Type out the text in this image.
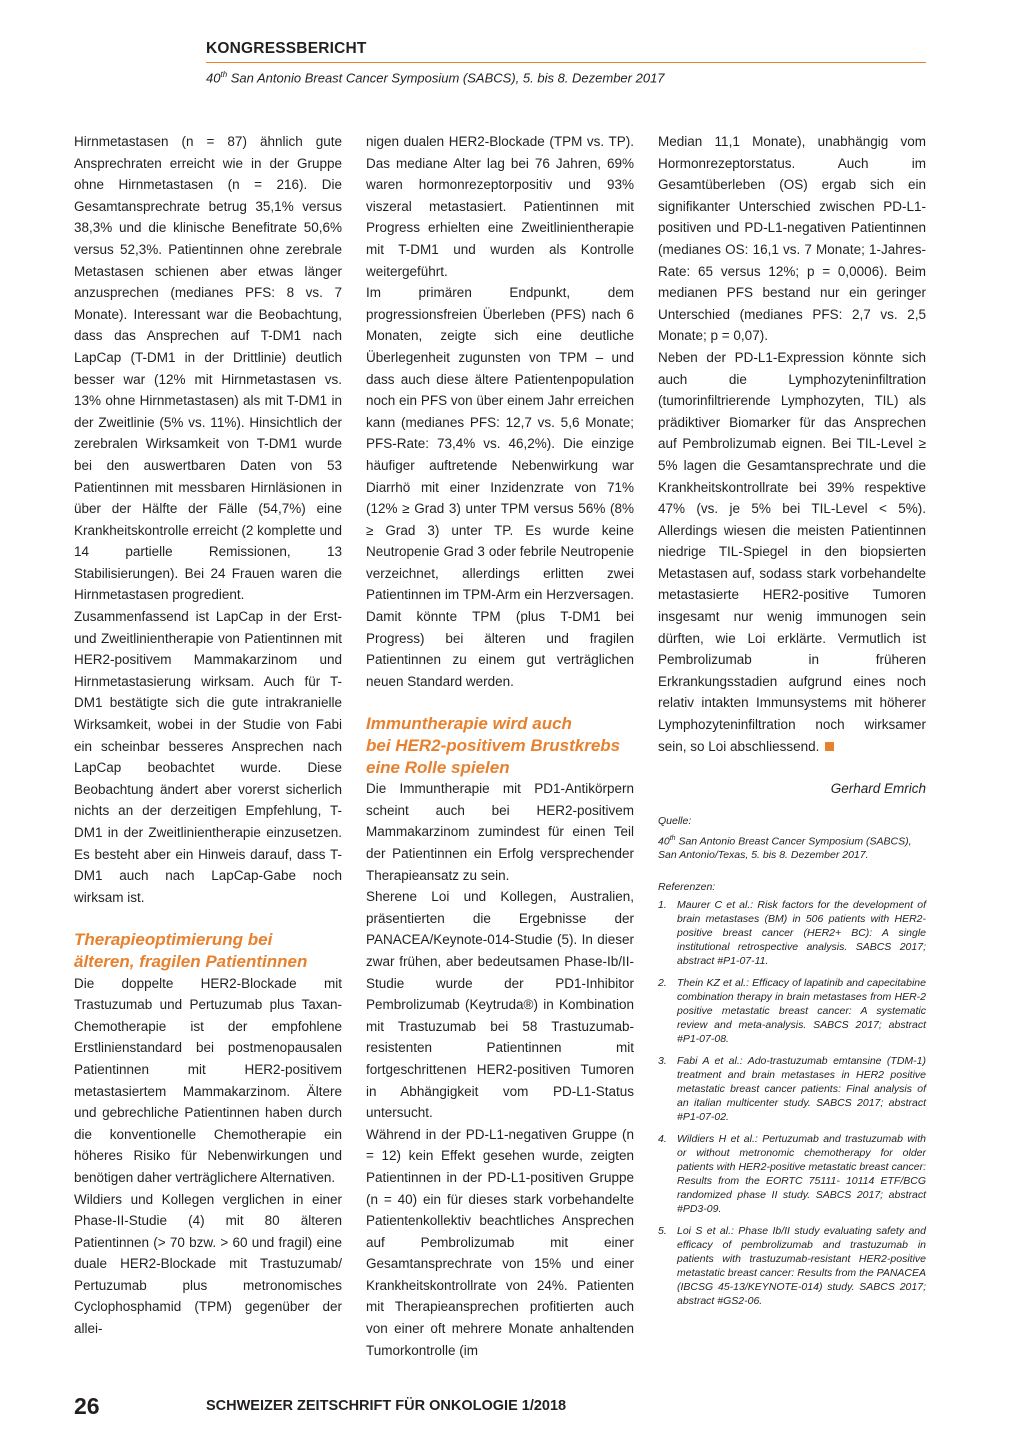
KONGRESSBERICHT
40th San Antonio Breast Cancer Symposium (SABCS), 5. bis 8. Dezember 2017

Hirnmetastasen (n = 87) ähnlich gute Ansprechraten erreicht wie in der Gruppe ohne Hirnmetastasen (n = 216). Die Gesamtansprechrate betrug 35,1% versus 38,3% und die klinische Benefitrate 50,6% versus 52,3%. Patientinnen ohne zerebrale Metastasen schienen aber etwas länger anzusprechen (medianes PFS: 8 vs. 7 Monate). Interessant war die Beobachtung, dass das Ansprechen auf T-DM1 nach LapCap (T-DM1 in der Drittlinie) deutlich besser war (12% mit Hirnmetastasen vs. 13% ohne Hirnmetastasen) als mit T-DM1 in der Zweitlinie (5% vs. 11%). Hinsichtlich der zerebralen Wirksamkeit von T-DM1 wurde bei den auswertbaren Daten von 53 Patientinnen mit messbaren Hirnläsionen in über der Hälfte der Fälle (54,7%) eine Krankheitskontrolle erreicht (2 komplette und 14 partielle Remissionen, 13 Stabilisierungen). Bei 24 Frauen waren die Hirnmetastasen progredient.

Zusammenfassend ist LapCap in der Erst- und Zweitlinientherapie von Patientinnen mit HER2-positivem Mammakarzinom und Hirnmetastasierung wirksam. Auch für T-DM1 bestätigte sich die gute intrakranielle Wirksamkeit, wobei in der Studie von Fabi ein scheinbar besseres Ansprechen nach LapCap beobachtet wurde. Diese Beobachtung ändert aber vorerst sicherlich nichts an der derzeitigen Empfehlung, T-DM1 in der Zweitlinientherapie einzusetzen. Es besteht aber ein Hinweis darauf, dass T-DM1 auch nach LapCap-Gabe noch wirksam ist.

Therapieoptimierung bei
älteren, fragilen Patientinnen

Die doppelte HER2-Blockade mit Trastuzumab und Pertuzumab plus Taxan-Chemotherapie ist der empfohlene Erstlinienstandard bei postmenopausalen Patientinnen mit HER2-positivem metastasiertem Mammakarzinom. Ältere und gebrechliche Patientinnen haben durch die konventionelle Chemotherapie ein höheres Risiko für Nebenwirkungen und benötigen daher verträglichere Alternativen.

Wildiers und Kollegen verglichen in einer Phase-II-Studie (4) mit 80 älteren Patientinnen (> 70 bzw. > 60 und fragil) eine duale HER2-Blockade mit Trastuzumab/ Pertuzumab plus metronomisches Cyclophosphamid (TPM) gegenüber der allei-

nigen dualen HER2-Blockade (TPM vs. TP). Das mediane Alter lag bei 76 Jahren, 69% waren hormonrezeptorpositiv und 93% viszeral metastasiert. Patientinnen mit Progress erhielten eine Zweitlinientherapie mit T-DM1 und wurden als Kontrolle weitergeführt.

Im primären Endpunkt, dem progressionsfreien Überleben (PFS) nach 6 Monaten, zeigte sich eine deutliche Überlegenheit zugunsten von TPM – und dass auch diese ältere Patientenpopulation noch ein PFS von über einem Jahr erreichen kann (medianes PFS: 12,7 vs. 5,6 Monate; PFS-Rate: 73,4% vs. 46,2%). Die einzige häufiger auftretende Nebenwirkung war Diarrhö mit einer Inzidenzrate von 71% (12% ≥ Grad 3) unter TPM versus 56% (8% ≥ Grad 3) unter TP. Es wurde keine Neutropenie Grad 3 oder febrile Neutropenie verzeichnet, allerdings erlitten zwei Patientinnen im TPM-Arm ein Herzversagen. Damit könnte TPM (plus T-DM1 bei Progress) bei älteren und fragilen Patientinnen zu einem gut verträglichen neuen Standard werden.

Immuntherapie wird auch
bei HER2-positivem Brustkrebs
eine Rolle spielen

Die Immuntherapie mit PD1-Antikörpern scheint auch bei HER2-positivem Mammakarzinom zumindest für einen Teil der Patientinnen ein Erfolg versprechender Therapieansatz zu sein.

Sherene Loi und Kollegen, Australien, präsentierten die Ergebnisse der PANACEA/Keynote-014-Studie (5). In dieser zwar frühen, aber bedeutsamen Phase-Ib/II-Studie wurde der PD1-Inhibitor Pembrolizumab (Keytruda®) in Kombination mit Trastuzumab bei 58 Trastuzumab-resistenten Patientinnen mit fortgeschrittenen HER2-positiven Tumoren in Abhängigkeit vom PD-L1-Status untersucht.

Während in der PD-L1-negativen Gruppe (n = 12) kein Effekt gesehen wurde, zeigten Patientinnen in der PD-L1-positiven Gruppe (n = 40) ein für dieses stark vorbehandelte Patientenkollektiv beachtliches Ansprechen auf Pembrolizumab mit einer Gesamtansprechrate von 15% und einer Krankheitskontrollrate von 24%. Patienten mit Therapieansprechen profitierten auch von einer oft mehrere Monate anhaltenden Tumorkontrolle (im

Median 11,1 Monate), unabhängig vom Hormonrezeptorstatus. Auch im Gesamtüberleben (OS) ergab sich ein signifikanter Unterschied zwischen PD-L1-positiven und PD-L1-negativen Patientinnen (medianes OS: 16,1 vs. 7 Monate; 1-Jahres-Rate: 65 versus 12%; p = 0,0006). Beim medianen PFS bestand nur ein geringer Unterschied (medianes PFS: 2,7 vs. 2,5 Monate; p = 0,07).

Neben der PD-L1-Expression könnte sich auch die Lymphozyteninfiltration (tumorinfiltrierende Lymphozyten, TIL) als prädiktiver Biomarker für das Ansprechen auf Pembrolizumab eignen. Bei TIL-Level ≥ 5% lagen die Gesamtansprechrate und die Krankheitskontrollrate bei 39% respektive 47% (vs. je 5% bei TIL-Level < 5%). Allerdings wiesen die meisten Patientinnen niedrige TIL-Spiegel in den biopsierten Metastasen auf, sodass stark vorbehandelte metastasierte HER2-positive Tumoren insgesamt nur wenig immunogen sein dürften, wie Loi erklärte. Vermutlich ist Pembrolizumab in früheren Erkrankungsstadien aufgrund eines noch relativ intakten Immunsystems mit höherer Lymphozyteninfiltration noch wirksamer sein, so Loi abschliessend.

Gerhard Emrich

Quelle:
40th San Antonio Breast Cancer Symposium (SABCS), San Antonio/Texas, 5. bis 8. Dezember 2017.
Referenzen:
1. Maurer C et al.: Risk factors for the development of brain metastases (BM) in 506 patients with HER2-positive breast cancer (HER2+ BC): A single institutional retrospective analysis. SABCS 2017; abstract #P1-07-11.
2. Thein KZ et al.: Efficacy of lapatinib and capecitabine combination therapy in brain metastases from HER-2 positive metastatic breast cancer: A systematic review and meta-analysis. SABCS 2017; abstract #P1-07-08.
3. Fabi A et al.: Ado-trastuzumab emtansine (TDM-1) treatment and brain metastases in HER2 positive metastatic breast cancer patients: Final analysis of an italian multicenter study. SABCS 2017; abstract #P1-07-02.
4. Wildiers H et al.: Pertuzumab and trastuzumab with or without metronomic chemotherapy for older patients with HER2-positive metastatic breast cancer: Results from the EORTC 75111- 10114 ETF/BCG randomized phase II study. SABCS 2017; abstract #PD3-09.
5. Loi S et al.: Phase Ib/II study evaluating safety and efficacy of pembrolizumab and trastuzumab in patients with trastuzumab-resistant HER2-positive metastatic breast cancer: Results from the PANACEA (IBCSG 45-13/KEYNOTE-014) study. SABCS 2017; abstract #GS2-06.
26	SCHWEIZER ZEITSCHRIFT FÜR ONKOLOGIE 1/2018
